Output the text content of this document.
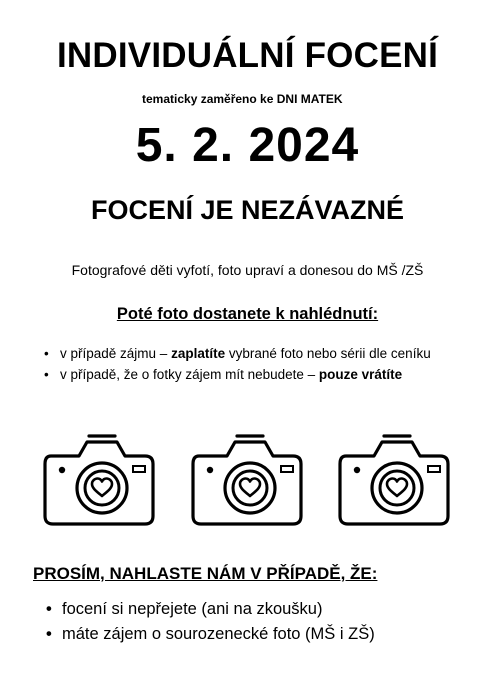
INDIVIDUÁLNÍ FOCENÍ
tematicky zaměřeno ke DNI MATEK
5. 2. 2024
FOCENÍ JE NEZÁVAZNÉ
Fotografové děti vyfotí, foto upraví a donesou do MŠ /ZŠ
Poté foto dostanete k nahlédnutí:
• v případě zájmu – zaplatíte vybrané foto nebo sérii dle ceníku
• v případě, že o fotky zájem mít nebudete – pouze vrátíte
PROSÍM, NAHLASTE NÁM V PŘÍPADĚ, ŽE:
• focení si nepřejete (ani na zkoušku)
• máte zájem o sourozenecké foto (MŠ i ZŠ)
